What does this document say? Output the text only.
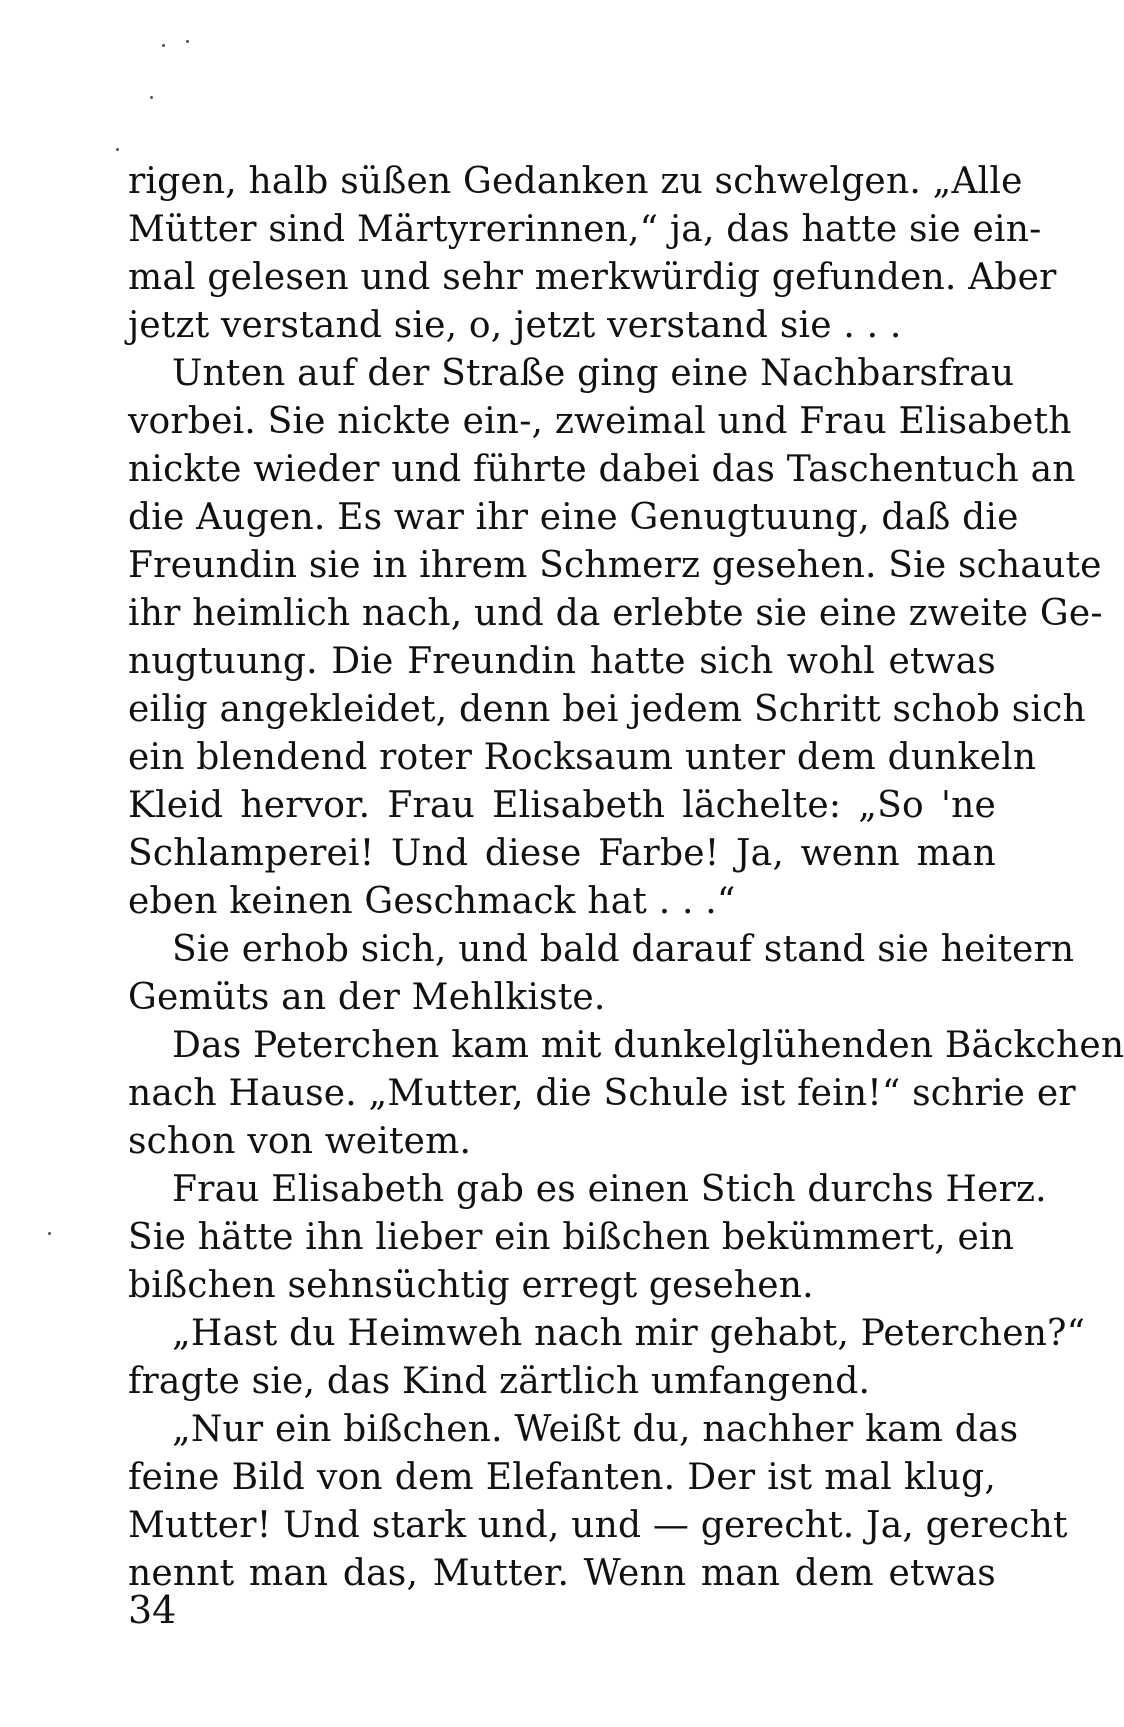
rigen, halb süßen Gedanken zu schwelgen. „Alle
Mütter sind Märtyrerinnen,“ ja, das hatte sie ein-
mal gelesen und sehr merkwürdig gefunden. Aber
jetzt verstand sie, o, jetzt verstand sie . . .
Unten auf der Straße ging eine Nachbarsfrau
vorbei. Sie nickte ein-, zweimal und Frau Elisabeth
nickte wieder und führte dabei das Taschentuch an
die Augen. Es war ihr eine Genugtuung, daß die
Freundin sie in ihrem Schmerz gesehen. Sie schaute
ihr heimlich nach, und da erlebte sie eine zweite Ge-
nugtuung. Die Freundin hatte sich wohl etwas
eilig angekleidet, denn bei jedem Schritt schob sich
ein blendend roter Rocksaum unter dem dunkeln
Kleid hervor. Frau Elisabeth lächelte: „So 'ne
Schlamperei! Und diese Farbe! Ja, wenn man
eben keinen Geschmack hat . . .“
Sie erhob sich, und bald darauf stand sie heitern
Gemüts an der Mehlkiste.
Das Peterchen kam mit dunkelglühenden Bäckchen
nach Hause. „Mutter, die Schule ist fein!“ schrie er
schon von weitem.
Frau Elisabeth gab es einen Stich durchs Herz.
Sie hätte ihn lieber ein bißchen bekümmert, ein
bißchen sehnsüchtig erregt gesehen.
„Hast du Heimweh nach mir gehabt, Peterchen?“
fragte sie, das Kind zärtlich umfangend.
„Nur ein bißchen. Weißt du, nachher kam das
feine Bild von dem Elefanten. Der ist mal klug,
Mutter! Und stark und, und — gerecht. Ja, gerecht
nennt man das, Mutter. Wenn man dem etwas
34
